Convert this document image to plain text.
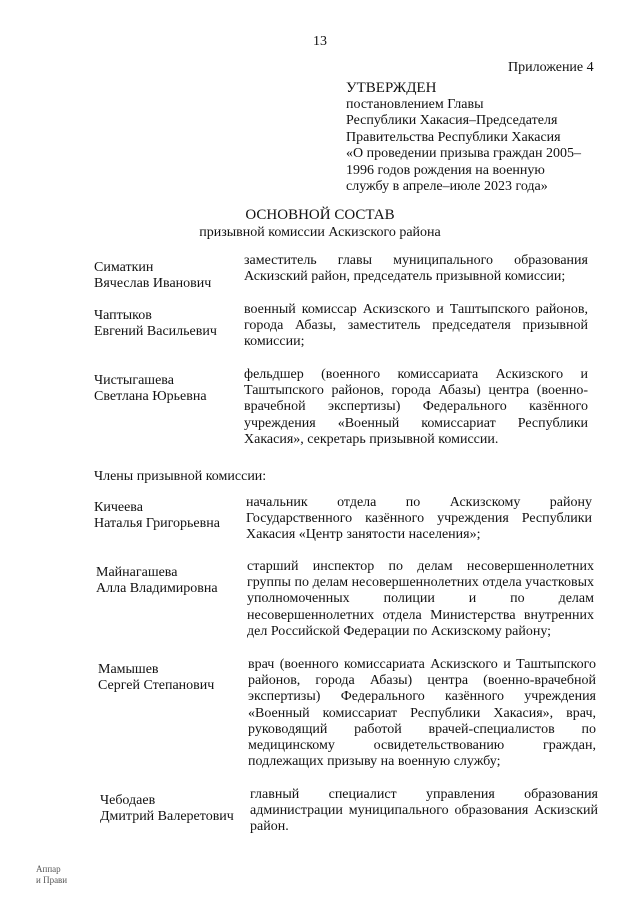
13
Приложение 4
УТВЕРЖДЕН
постановлением Главы
Республики Хакасия–Председателя
Правительства Республики Хакасия
«О проведении призыва граждан 2005–
1996 годов рождения на военную
службу в апреле–июле 2023 года»
ОСНОВНОЙ СОСТАВ
призывной комиссии Аскизского района
Симаткин
Вячеслав Иванович
заместитель главы муниципального образования Аскизский район, председатель призывной комиссии;
Чаптыков
Евгений Васильевич
военный комиссар Аскизского и Таштыпского районов, города Абазы, заместитель председателя призывной комиссии;
Чистыгашева
Светлана Юрьевна
фельдшер (военного комиссариата Аскизского и Таштыпского районов, города Абазы) центра (военно-врачебной экспертизы) Федерального казённого учреждения «Военный комиссариат Республики Хакасия», секретарь призывной комиссии.
Члены призывной комиссии:
Кичеева
Наталья Григорьевна
начальник отдела по Аскизскому району Государственного казённого учреждения Республики Хакасия «Центр занятости населения»;
Майнагашева
Алла Владимировна
старший инспектор по делам несовершеннолетних группы по делам несовершеннолетних отдела участковых уполномоченных полиции и по делам несовершеннолетних отдела Министерства внутренних дел Российской Федерации по Аскизскому району;
Мамышев
Сергей Степанович
врач (военного комиссариата Аскизского и Таштыпского районов, города Абазы) центра (военно-врачебной экспертизы) Федерального казённого учреждения «Военный комиссариат Республики Хакасия», врач, руководящий работой врачей-специалистов по медицинскому освидетельствованию граждан, подлежащих призыву на военную службу;
Чебодаев
Дмитрий Валеретович
главный специалист управления образования администрации муниципального образования Аскизский район.
Аппар
и Прави
